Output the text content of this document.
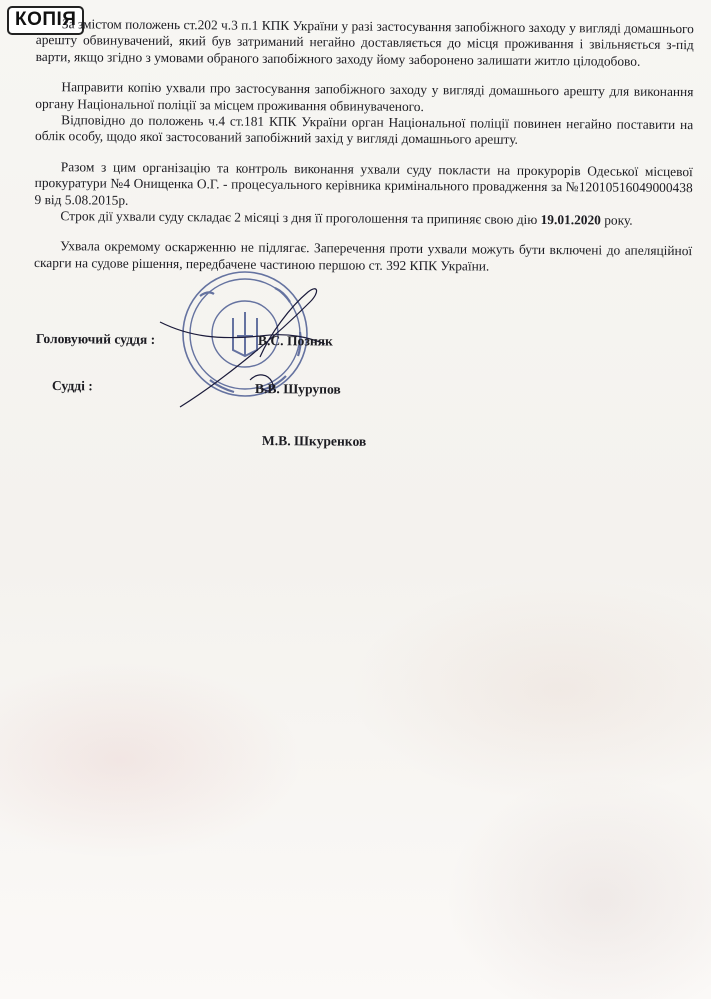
КОПІЯ

За змістом положень ст.202 ч.3 п.1 КПК України у разі застосування запобіжного заходу у вигляді домашнього арешту обвинувачений, який був затриманий негайно доставляється до місця проживання і звільняється з-під варти, якщо згідно з умовами обраного запобіжного заходу йому заборонено залишати житло цілодобово.

Направити копію ухвали про застосування запобіжного заходу у вигляді домашнього арешту для виконання органу Національної поліції за місцем проживання обвинуваченого.

Відповідно до положень ч.4 ст.181 КПК України орган Національної поліції повинен негайно поставити на облік особу, щодо якої застосований запобіжний захід у вигляді домашнього арешту.

Разом з цим організацію та контроль виконання ухвали суду покласти на прокурорів Одеської місцевої прокуратури №4 Онищенка О.Г. - процесуального керівника кримінального провадження за №12010516049000438 9 від 5.08.2015р.

Строк дії ухвали суду складає 2 місяці з дня її проголошення та припиняє свою дію 19.01.2020 року.

Ухвала окремому оскарженню не підлягає. Заперечення проти ухвали можуть бути включені до апеляційної скарги на судове рішення, передбачене частиною першою ст. 392 КПК України.

Головуючий суддя :	В.С. Позняк
Судді :	В.В. Шурупов
М.В. Шкуренков
